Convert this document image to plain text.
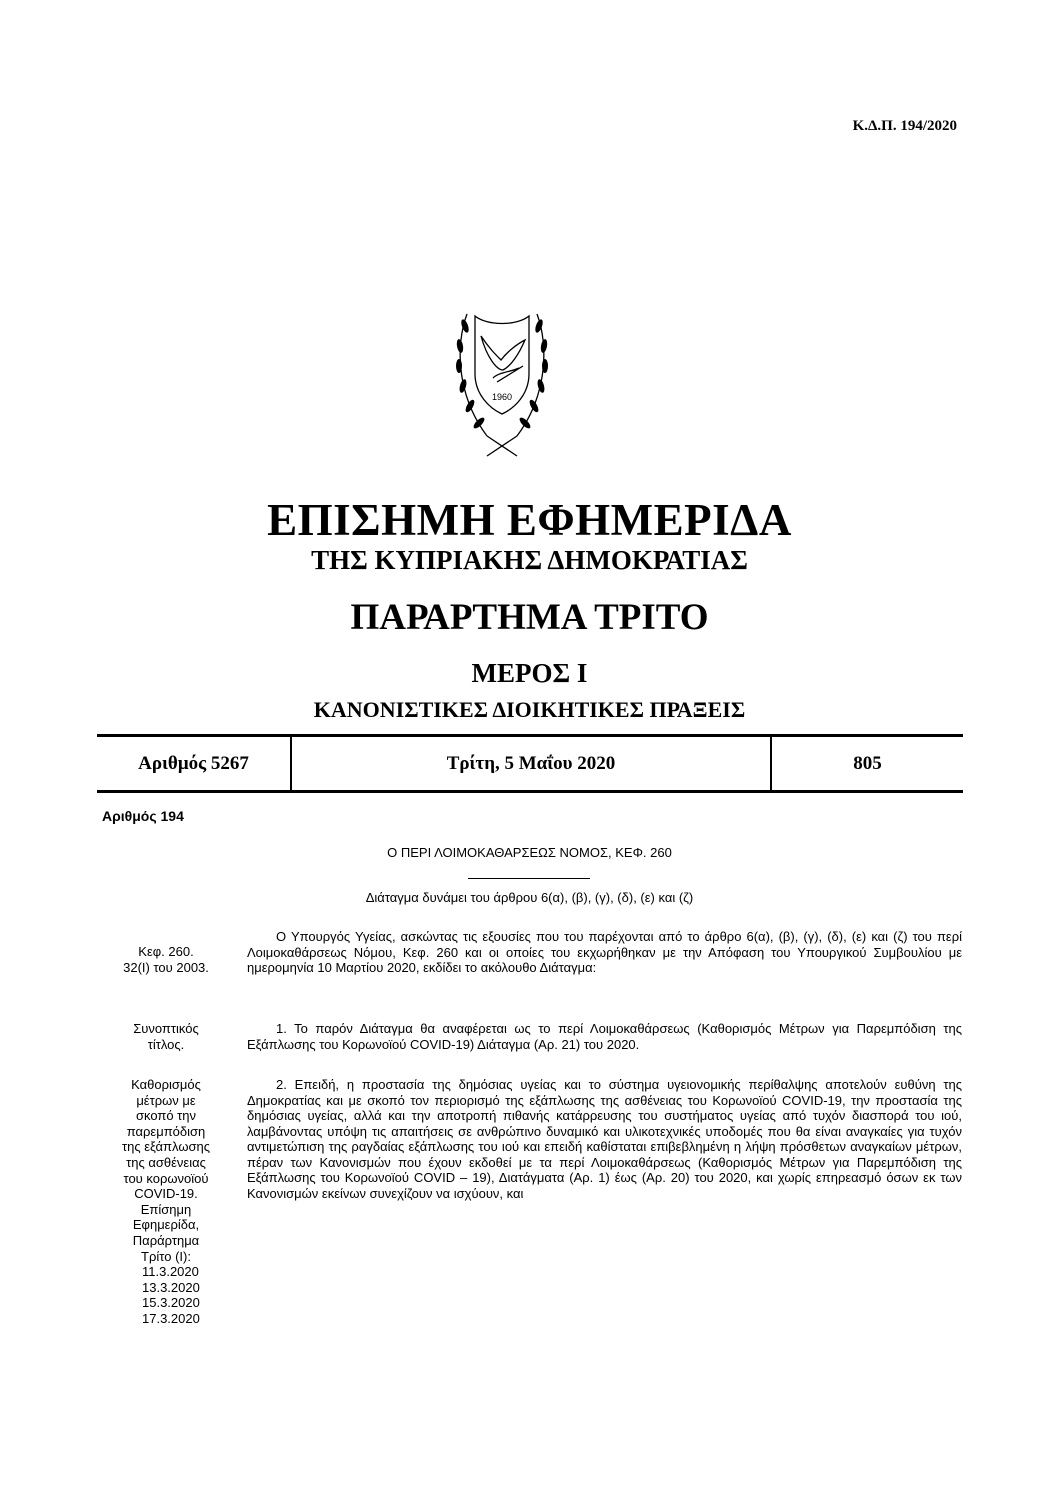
Κ.Δ.Π. 194/2020
1960
ΕΠΙΣΗΜΗ ΕΦΗΜΕΡΙΔΑ
ΤΗΣ ΚΥΠΡΙΑΚΗΣ ΔΗΜΟΚΡΑΤΙΑΣ
ΠΑΡΑΡΤΗΜΑ ΤΡΙΤΟ
ΜΕΡΟΣ Ι
ΚΑΝΟΝΙΣΤΙΚΕΣ ΔΙΟΙΚΗΤΙΚΕΣ ΠΡΑΞΕΙΣ
Αριθμός 5267	Τρίτη, 5 Μαΐου 2020	805
Αριθμός 194
Ο ΠΕΡΙ ΛΟΙΜΟΚΑΘΑΡΣΕΩΣ ΝΟΜΟΣ, ΚΕΦ. 260
Διάταγμα δυνάμει του άρθρου 6(α), (β), (γ), (δ), (ε) και (ζ)
Κεφ. 260.
32(Ι) του 2003.
Συνοπτικός
τίτλος.
Καθορισμός
μέτρων με
σκοπό την
παρεμπόδιση
της εξάπλωσης
της ασθένειας
του κορωνοϊού
COVID-19.
Επίσημη
Εφημερίδα,
Παράρτημα
Τρίτο (Ι):
11.3.2020
13.3.2020
15.3.2020
17.3.2020
Ο Υπουργός Υγείας, ασκώντας τις εξουσίες που του παρέχονται από το άρθρο 6(α), (β), (γ), (δ), (ε) και (ζ) του περί Λοιμοκαθάρσεως Νόμου, Κεφ. 260 και οι οποίες του εκχωρήθηκαν με την Απόφαση του Υπουργικού Συμβουλίου με ημερομηνία 10 Μαρτίου 2020, εκδίδει το ακόλουθο Διάταγμα:
1. Το παρόν Διάταγμα θα αναφέρεται ως το περί Λοιμοκαθάρσεως (Καθορισμός Μέτρων για Παρεμπόδιση της Εξάπλωσης του Κορωνοϊού COVID-19) Διάταγμα (Αρ. 21) του 2020.
2. Επειδή, η προστασία της δημόσιας υγείας και το σύστημα υγειονομικής περίθαλψης αποτελούν ευθύνη της Δημοκρατίας και με σκοπό τον περιορισμό της εξάπλωσης της ασθένειας του Κορωνοϊού COVID-19, την προστασία της δημόσιας υγείας, αλλά και την αποτροπή πιθανής κατάρρευσης του συστήματος υγείας από τυχόν διασπορά του ιού, λαμβάνοντας υπόψη τις απαιτήσεις σε ανθρώπινο δυναμικό και υλικοτεχνικές υποδομές που θα είναι αναγκαίες για τυχόν αντιμετώπιση της ραγδαίας εξάπλωσης του ιού και επειδή καθίσταται επιβεβλημένη η λήψη πρόσθετων αναγκαίων μέτρων, πέραν των Κανονισμών που έχουν εκδοθεί με τα περί Λοιμοκαθάρσεως (Καθορισμός Μέτρων για Παρεμπόδιση της Εξάπλωσης του Κορωνοϊού COVID – 19), Διατάγματα (Αρ. 1) έως (Αρ. 20) του 2020, και χωρίς επηρεασμό όσων εκ των Κανονισμών εκείνων συνεχίζουν να ισχύουν, και
